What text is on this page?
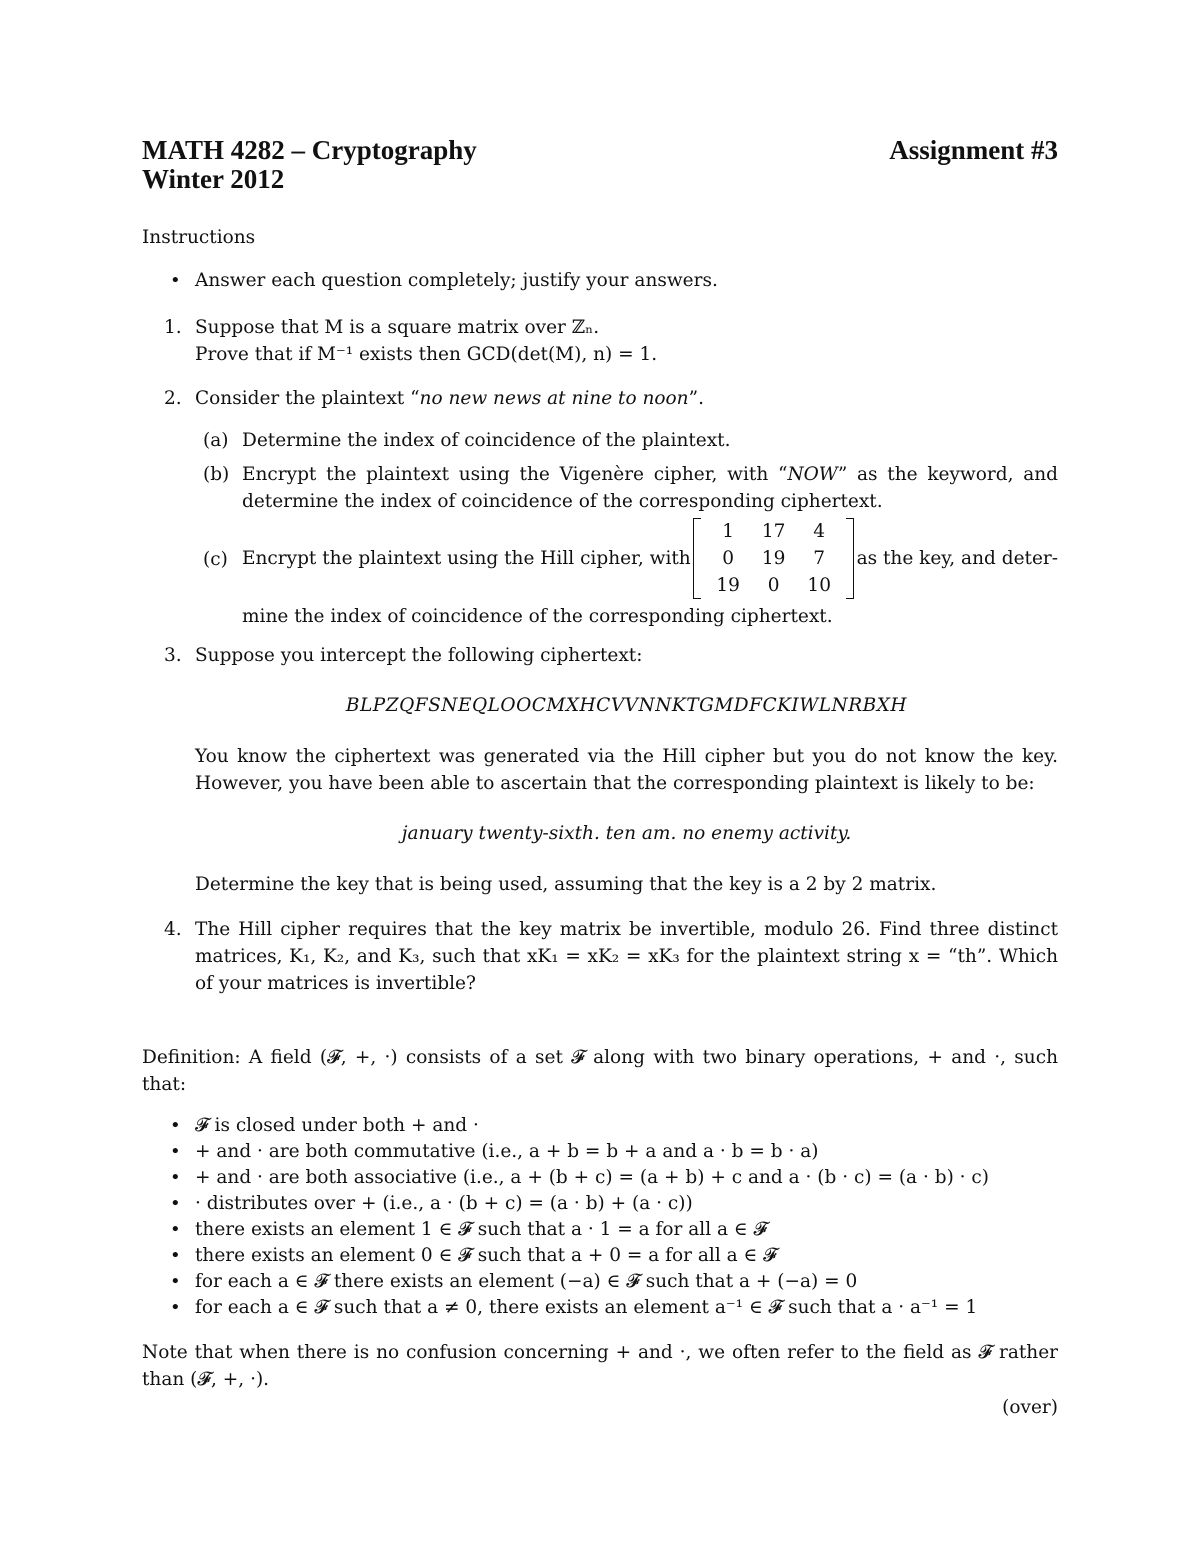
MATH 4282 – Cryptography
Winter 2012
Assignment #3
Instructions
• Answer each question completely; justify your answers.
1. Suppose that M is a square matrix over ℤₙ.
Prove that if M⁻¹ exists then GCD(det(M), n) = 1.
2. Consider the plaintext “no new news at nine to noon”.
(a) Determine the index of coincidence of the plaintext.
(b) Encrypt the plaintext using the Vigenère cipher, with “NOW” as the keyword, and determine the index of coincidence of the corresponding ciphertext.
(c) Encrypt the plaintext using the Hill cipher, with
1	17	4
0	19	7
19	0	10
as the key, and deter-
mine the index of coincidence of the corresponding ciphertext.
3. Suppose you intercept the following ciphertext:
BLPZQFSNEQLOOCMXHCVVNNKTGMDFCKIWLNRBXH
You know the ciphertext was generated via the Hill cipher but you do not know the key. However, you have been able to ascertain that the corresponding plaintext is likely to be:
january twenty-sixth. ten am. no enemy activity.
Determine the key that is being used, assuming that the key is a 2 by 2 matrix.
4. The Hill cipher requires that the key matrix be invertible, modulo 26. Find three distinct matrices, K₁, K₂, and K₃, such that xK₁ = xK₂ = xK₃ for the plaintext string x = “th”. Which of your matrices is invertible?
Definition: A field (𝓕, +, ·) consists of a set 𝓕 along with two binary operations, + and ·, such that:
• 𝓕 is closed under both + and ·
• + and · are both commutative (i.e., a + b = b + a and a · b = b · a)
• + and · are both associative (i.e., a + (b + c) = (a + b) + c and a · (b · c) = (a · b) · c)
• · distributes over + (i.e., a · (b + c) = (a · b) + (a · c))
• there exists an element 1 ∈ 𝓕 such that a · 1 = a for all a ∈ 𝓕
• there exists an element 0 ∈ 𝓕 such that a + 0 = a for all a ∈ 𝓕
• for each a ∈ 𝓕 there exists an element (−a) ∈ 𝓕 such that a + (−a) = 0
• for each a ∈ 𝓕 such that a ≠ 0, there exists an element a⁻¹ ∈ 𝓕 such that a · a⁻¹ = 1
Note that when there is no confusion concerning + and ·, we often refer to the field as 𝓕 rather than (𝓕, +, ·).
(over)
